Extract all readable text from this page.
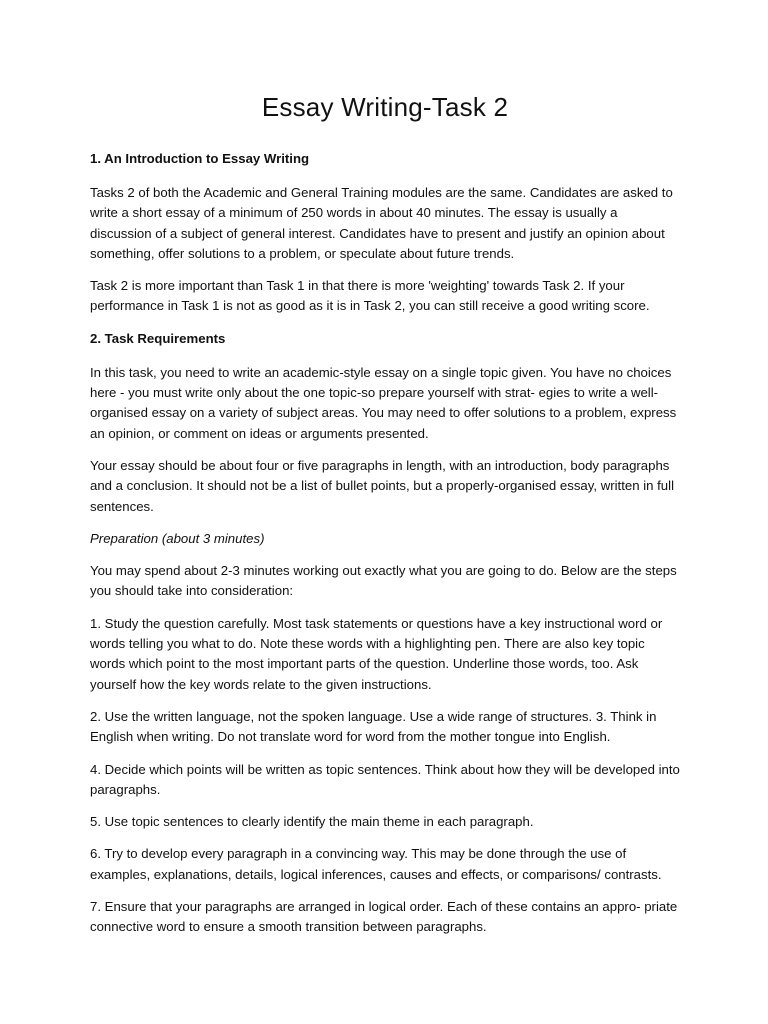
Essay Writing-Task 2
1. An Introduction to Essay Writing

Tasks 2 of both the Academic and General Training modules are the same. Candidates are asked to write a short essay of a minimum of 250 words in about 40 minutes. The essay is usually a discussion of a subject of general interest. Candidates have to present and justify an opinion about something, offer solutions to a problem, or speculate about future trends.

Task 2 is more important than Task 1 in that there is more 'weighting' towards Task 2. If your performance in Task 1 is not as good as it is in Task 2, you can still receive a good writing score.

2. Task Requirements

In this task, you need to write an academic-style essay on a single topic given. You have no choices here - you must write only about the one topic-so prepare yourself with strat- egies to write a well-organised essay on a variety of subject areas. You may need to offer solutions to a problem, express an opinion, or comment on ideas or arguments presented.

Your essay should be about four or five paragraphs in length, with an introduction, body paragraphs and a conclusion. It should not be a list of bullet points, but a properly-organised essay, written in full sentences.

Preparation (about 3 minutes)

You may spend about 2-3 minutes working out exactly what you are going to do. Below are the steps you should take into consideration:

1. Study the question carefully. Most task statements or questions have a key instructional word or words telling you what to do. Note these words with a highlighting pen. There are also key topic words which point to the most important parts of the question. Underline those words, too. Ask yourself how the key words relate to the given instructions.

2. Use the written language, not the spoken language. Use a wide range of structures. 3. Think in English when writing. Do not translate word for word from the mother tongue into English.

4. Decide which points will be written as topic sentences. Think about how they will be developed into paragraphs.

5. Use topic sentences to clearly identify the main theme in each paragraph.

6. Try to develop every paragraph in a convincing way. This may be done through the use of examples, explanations, details, logical inferences, causes and effects, or comparisons/ contrasts.

7. Ensure that your paragraphs are arranged in logical order. Each of these contains an appro- priate connective word to ensure a smooth transition between paragraphs.
